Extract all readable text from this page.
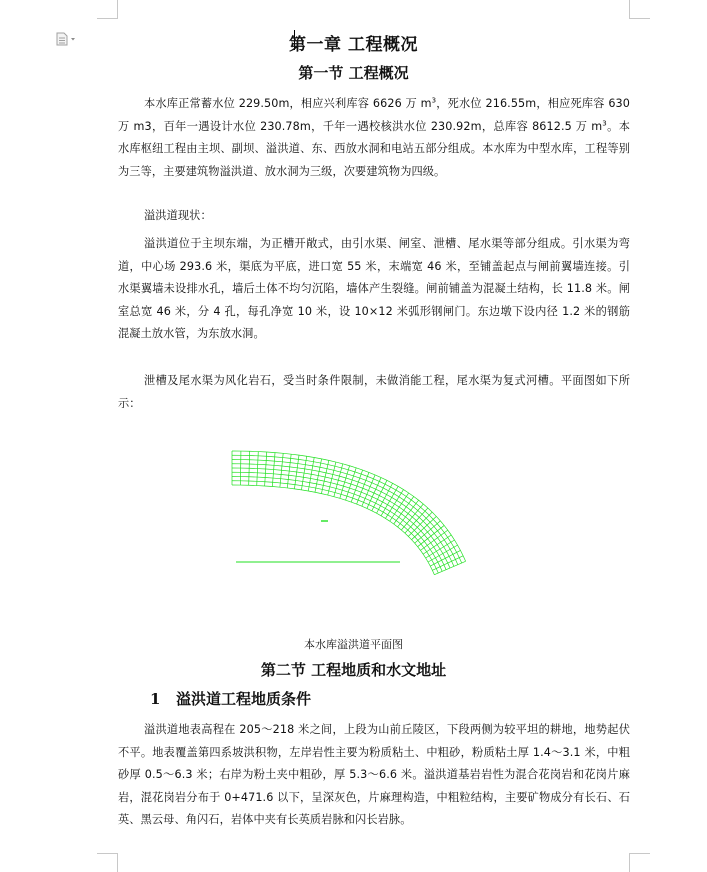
第一章 工程概况
第一节 工程概况

本水库正常蓄水位 229.50m，相应兴利库容 6626 万 $m^3$，死水位 216.55m，相应死库容 630 万 m3，百年一遇设计水位 230.78m，千年一遇校核洪水位 230.92m，总库容 8612.5 万 $m^3$。本水库枢纽工程由主坝、副坝、溢洪道、东、西放水洞和电站五部分组成。本水库为中型水库，工程等别为三等，主要建筑物溢洪道、放水洞为三级，次要建筑物为四级。

溢洪道现状：

溢洪道位于主坝东端，为正槽开敞式，由引水渠、闸室、泄槽、尾水渠等部分组成。引水渠为弯道，中心场 293.6 米，渠底为平底，进口宽 55 米，末端宽 46 米，至铺盖起点与闸前翼墙连接。引水渠翼墙未设排水孔，墙后土体不均匀沉陷，墙体产生裂缝。闸前铺盖为混凝土结构，长 11.8 米。闸室总宽 46 米，分 4 孔，每孔净宽 10 米，设 10×12 米弧形钢闸门。东边墩下设内径 1.2 米的钢筋混凝土放水管，为东放水洞。

泄槽及尾水渠为风化岩石，受当时条件限制，未做消能工程，尾水渠为复式河槽。平面图如下所示：

本水库溢洪道平面图
第二节 工程地质和水文地址
1 溢洪道工程地质条件

溢洪道地表高程在 205～218 米之间，上段为山前丘陵区，下段两侧为较平坦的耕地，地势起伏不平。地表覆盖第四系坡洪积物，左岸岩性主要为粉质粘土、中粗砂，粉质粘土厚 1.4～3.1 米，中粗砂厚 0.5～6.3 米；右岸为粉土夹中粗砂，厚 5.3～6.6 米。溢洪道基岩岩性为混合花岗岩和花岗片麻岩，混花岗岩分布于 0+471.6 以下，呈深灰色，片麻理构造，中粗粒结构，主要矿物成分有长石、石英、黑云母、角闪石，岩体中夹有长英质岩脉和闪长岩脉。
